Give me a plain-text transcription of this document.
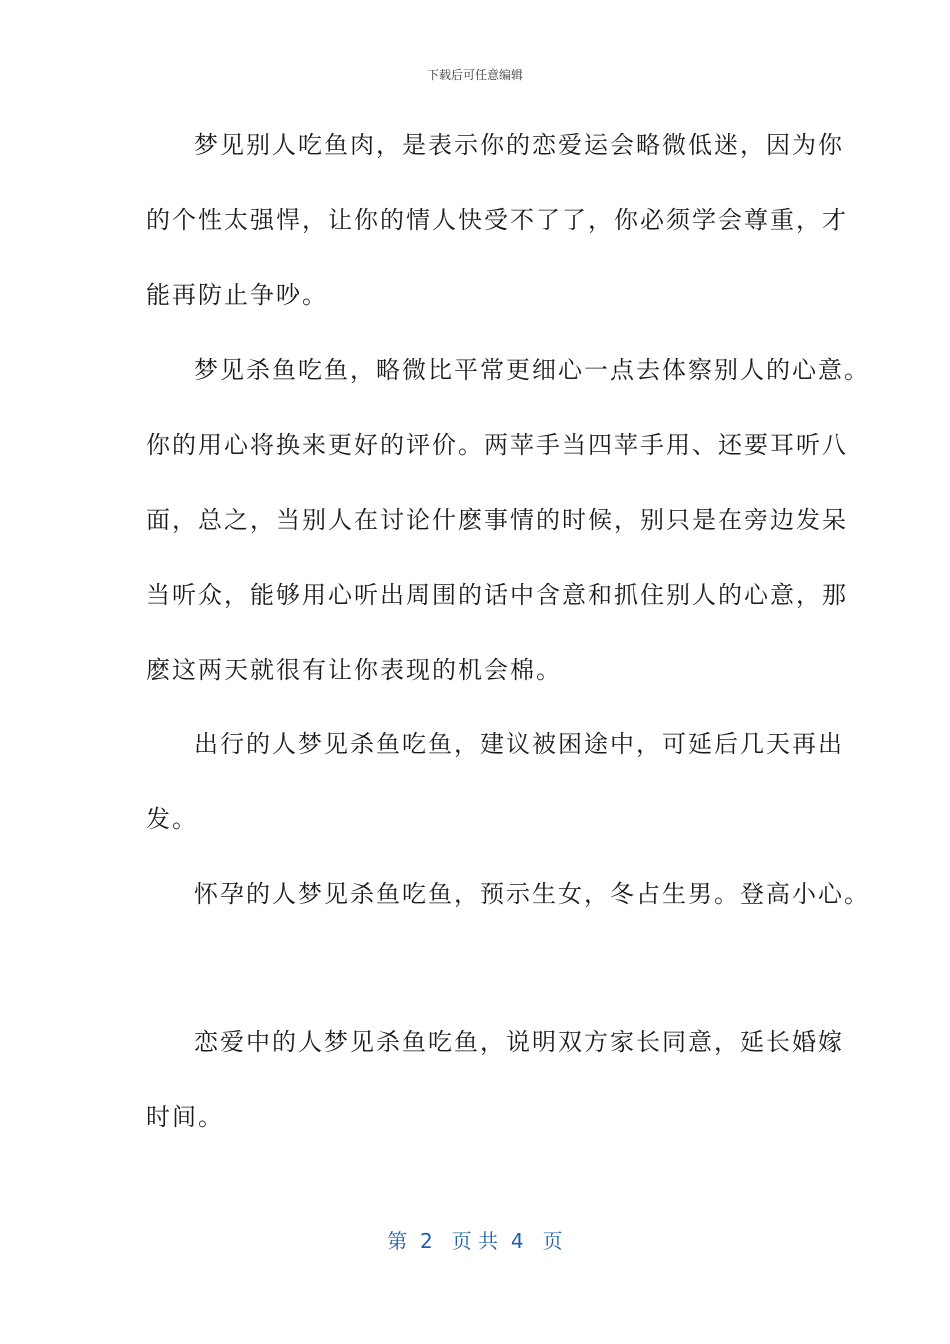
下载后可任意编辑
梦见别人吃鱼肉，是表示你的恋爱运会略微低迷，因为你
的个性太强悍，让你的情人快受不了了，你必须学会尊重，才
能再防止争吵。
梦见杀鱼吃鱼，略微比平常更细心一点去体察别人的心意。
你的用心将换来更好的评价。两苹手当四苹手用、还要耳听八
面，总之，当别人在讨论什麽事情的时候，别只是在旁边发呆
当听众，能够用心听出周围的话中含意和抓住别人的心意，那
麽这两天就很有让你表现的机会棉。
出行的人梦见杀鱼吃鱼，建议被困途中，可延后几天再出
发。
怀孕的人梦见杀鱼吃鱼，预示生女，冬占生男。登高小心。
恋爱中的人梦见杀鱼吃鱼，说明双方家长同意，延长婚嫁
时间。
第  2   页 共  4   页
